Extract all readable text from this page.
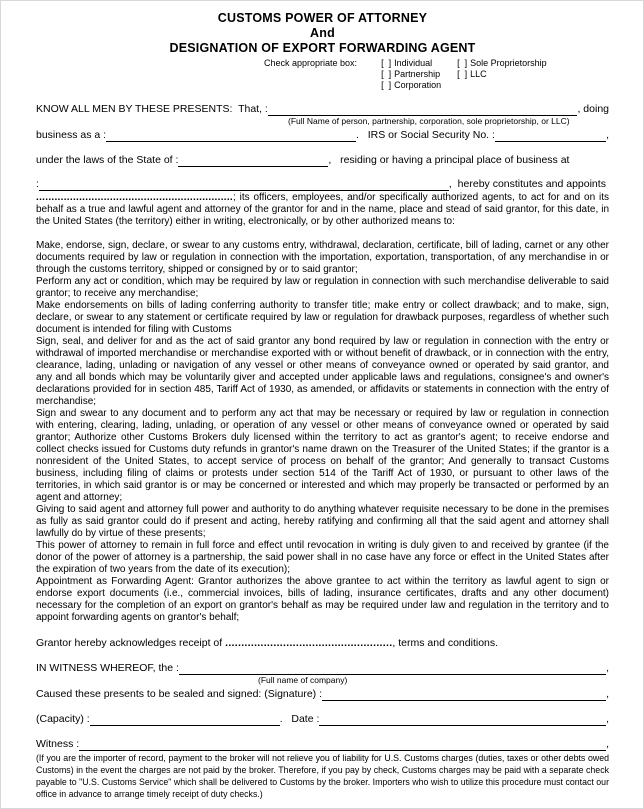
CUSTOMS POWER OF ATTORNEY
And
DESIGNATION OF EXPORT FORWARDING AGENT
Check appropriate box:	[  ] Individual
[  ] Partnership
[  ] Corporation
[  ] Sole Proprietorship
[  ] LLC
KNOW ALL MEN BY THESE PRESENTS:  That, :	, doing
(Full Name of person, partnership, corporation, sole proprietorship, or LLC)
business as a :	.   IRS or Social Security No. :	,
under the laws of the State of :	,   residing or having a principal place of business at
:	,  hereby constitutes and appoints

................................................................; its officers, employees, and/or specifically authorized agents, to act for and on its behalf as a true and lawful agent and attorney of the grantor for and in the name, place and stead of said grantor, for this date, in the United States (the territory) either in writing, electronically, or by other authorized means to:

Make, endorse, sign, declare, or swear to any customs entry, withdrawal, declaration, certificate, bill of lading, carnet or any other documents required by law or regulation in connection with the importation, exportation, transportation, of any merchandise in or through the customs territory, shipped or consigned by or to said grantor;

Perform any act or condition, which may be required by law or regulation in connection with such merchandise deliverable to said grantor; to receive any merchandise;

Make endorsements on bills of lading conferring authority to transfer title; make entry or collect drawback; and to make, sign, declare, or swear to any statement or certificate required by law or regulation for drawback purposes, regardless of whether such document is intended for filing with Customs

Sign, seal, and deliver for and as the act of said grantor any bond required by law or regulation in connection with the entry or withdrawal of imported merchandise or merchandise exported with or without benefit of drawback, or in connection with the entry, clearance, lading, unlading or navigation of any vessel or other means of conveyance owned or operated by said grantor, and any and all bonds which may be voluntarily giver and accepted under applicable laws and regulations, consignee's and owner's declarations provided for in section 485, Tariff Act of 1930, as amended, or affidavits or statements in connection with the entry of merchandise;

Sign and swear to any document and to perform any act that may be necessary or required by law or regulation in connection with entering, clearing, lading, unlading, or operation of any vessel or other means of conveyance owned or operated by said grantor; Authorize other Customs Brokers duly licensed within the territory to act as grantor's agent; to receive endorse and collect checks issued for Customs duty refunds in grantor's name drawn on the Treasurer of the United States; if the grantor is a nonresident of the United States, to accept service of process on behalf of the grantor; And generally to transact Customs business, including filing of claims or protests under section 514 of the Tariff Act of 1930, or pursuant to other laws of the territories, in which said grantor is or may be concerned or interested and which may properly be transacted or performed by an agent and attorney;

Giving to said agent and attorney full power and authority to do anything whatever requisite necessary to be done in the premises as fully as said grantor could do if present and acting, hereby ratifying and confirming all that the said agent and attorney shall lawfully do by virtue of these presents;

This power of attorney to remain in full force and effect until revocation in writing is duly given to and received by grantee (if the donor of the power of attorney is a partnership, the said power shall in no case have any force or effect in the United States after the expiration of two years from the date of its execution);

Appointment as Forwarding Agent: Grantor authorizes the above grantee to act within the territory as lawful agent to sign or endorse export documents (i.e., commercial invoices, bills of lading, insurance certificates, drafts and any other document) necessary for the completion of an export on grantor's behalf as may be required under law and regulation in the territory and to appoint forwarding agents on grantor's behalf;

Grantor hereby acknowledges receipt of ...................................................., terms and conditions.

IN WITNESS WHEREOF, the :	,
(Full name of company)
Caused these presents to be sealed and signed: (Signature) :	,
(Capacity) :	.   Date :	,
Witness :	,

(If you are the importer of record, payment to the broker will not relieve you of liability for U.S. Customs charges (duties, taxes or other debts owed Customs) in the event the charges are not paid by the broker. Therefore, if you pay by check, Customs charges may be paid with a separate check payable to "U.S. Customs Service" which shall be delivered to Customs by the broker. Importers who wish to utilize this procedure must contact our office in advance to arrange timely receipt of duty checks.)
